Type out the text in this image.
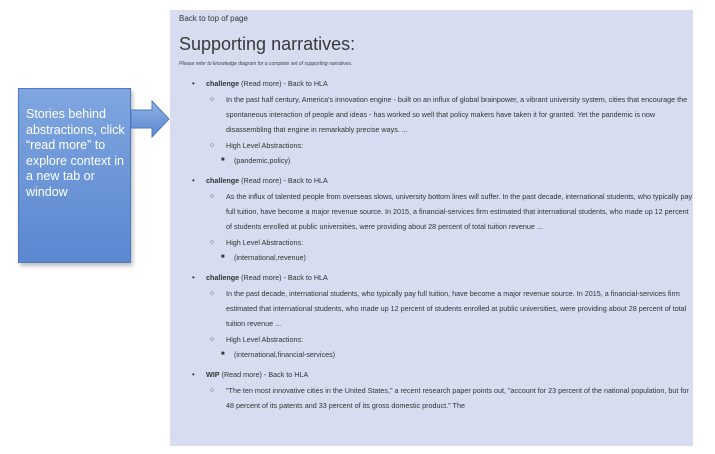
Back to top of page
Supporting narratives:
Please refer to knowledge diagram for a complete set of supporting narratives.
• challenge (Read more) - Back to HLA
○ In the past half century, America's innovation engine - built on an influx of global brainpower, a vibrant university system, cities that encourage the spontaneous interaction of people and ideas - has worked so well that policy makers have taken it for granted. Yet the pandemic is now disassembling that engine in remarkably precise ways. ...
○ High Level Abstractions:
■ (pandemic,policy)
• challenge (Read more) - Back to HLA
○ As the influx of talented people from overseas slows, university bottom lines will suffer. In the past decade, international students, who typically pay full tuition, have become a major revenue source. In 2015, a financial-services firm estimated that international students, who made up 12 percent of students enrolled at public universities, were providing about 28 percent of total tuition revenue ...
○ High Level Abstractions:
■ (international,revenue)
• challenge (Read more) - Back to HLA
○ In the past decade, international students, who typically pay full tuition, have become a major revenue source. In 2015, a financial-services firm estimated that international students, who made up 12 percent of students enrolled at public universities, were providing about 28 percent of total tuition revenue ...
○ High Level Abstractions:
■ (international,financial-services)
• WIP (Read more) - Back to HLA
○ "The ten most innovative cities in the United States," a recent research paper points out, "account for 23 percent of the national population, but for 48 percent of its patents and 33 percent of its gross domestic product." The
Stories behind abstractions, click “read more” to explore context in a new tab or window
